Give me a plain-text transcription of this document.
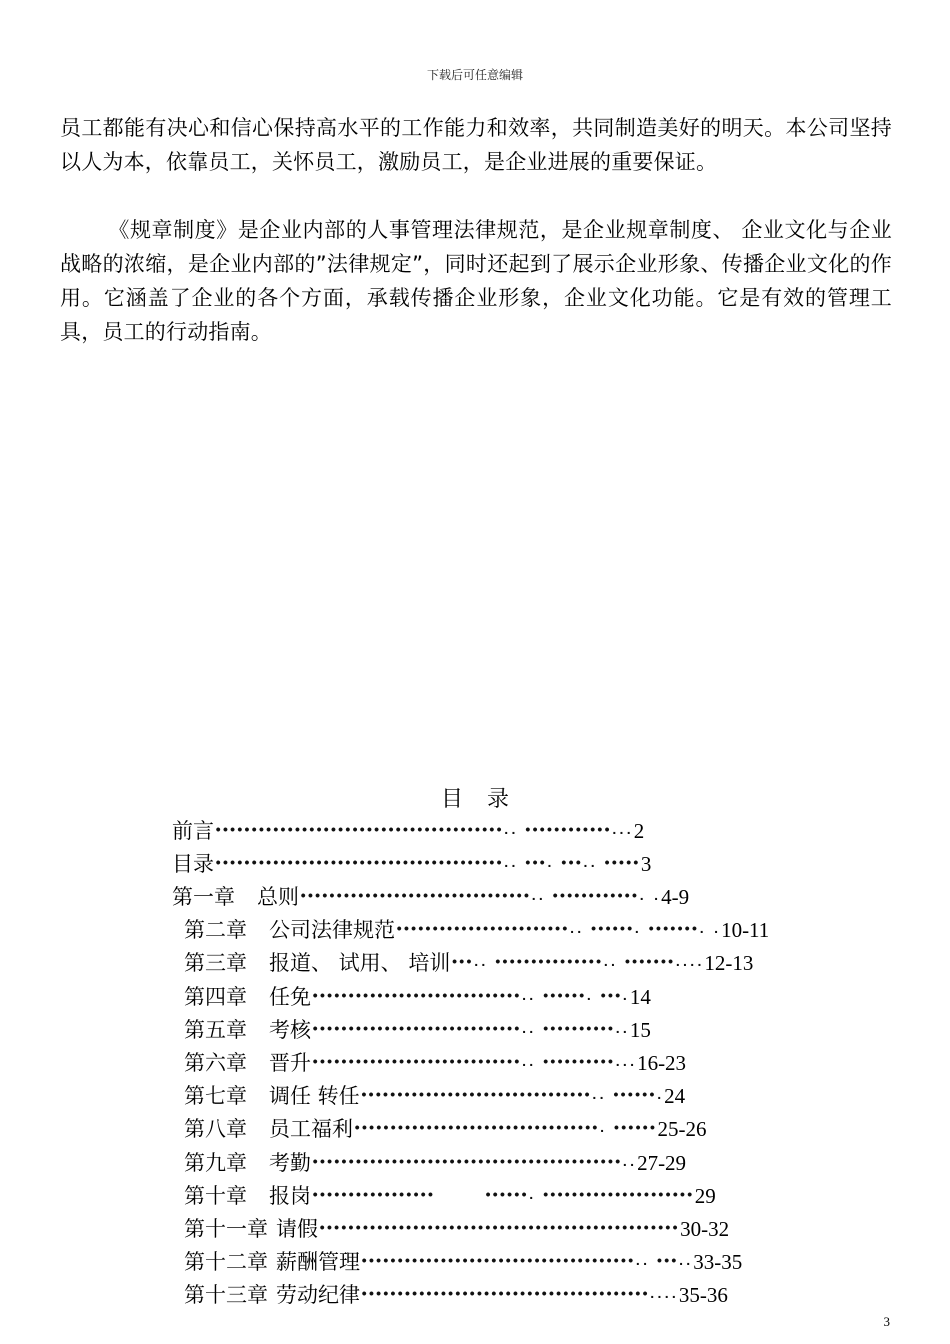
下载后可任意编辑

员工都能有决心和信心保持高水平的工作能力和效率，共同制造美好的明天。本公司坚持以人为本，依靠员工，关怀员工，激励员工，是企业进展的重要保证。

《规章制度》是企业内部的人事管理法律规范，是企业规章制度、 企业文化与企业战略的浓缩，是企业内部的”法律规定”，同时还起到了展示企业形象、传播企业文化的作用。它涵盖了企业的各个方面，承载传播企业形象，企业文化功能。它是有效的管理工具，员工的行动指南。

目录
前言 ••••••••••••••••••••••••••••••••••••••••.. ••••••••••••... 2
目录 ••••••••••••••••••••••••••••••••••••••••.. •••. •••.. ••••• 3
第一章 总则 ••••••••••••••••••••••••••••••••.. ••••••••••••. . 4-9
第二章 公司法律规范 ••••••••••••••••••••••••.. ••••••. •••••••. . 10-11
第三章 报道、 试用、 培训 •••.. •••••••••••••••.. •••••••.... 12-13
第四章 任免 •••••••••••••••••••••••••••••.. ••••••. •••. 14
第五章 考核 •••••••••••••••••••••••••••••.. ••••••••••.. 15
第六章 晋升 •••••••••••••••••••••••••••••.. ••••••••••... 16-23
第七章 调任 转任 ••••••••••••••••••••••••••••••••.. ••••••. 24
第八章 员工福利 ••••••••••••••••••••••••••••••••••. •••••• 25-26
第九章 考勤 •••••••••••••••••••••••••••••••••••••••••••.. 27-29
第十章 报岗 •••••••••••••••••       ••••••. ••••••••••••••••••••• 29
第十一章 请假 •••••••••••••••••••••••••••••••••••••••••••••••••• 30-32
第十二章 薪酬管理 ••••••••••••••••••••••••••••••••••••••.. •••.. 33-35
第十三章 劳动纪律 ••••••••••••••••••••••••••••••••••••••••.... 35-36
3
